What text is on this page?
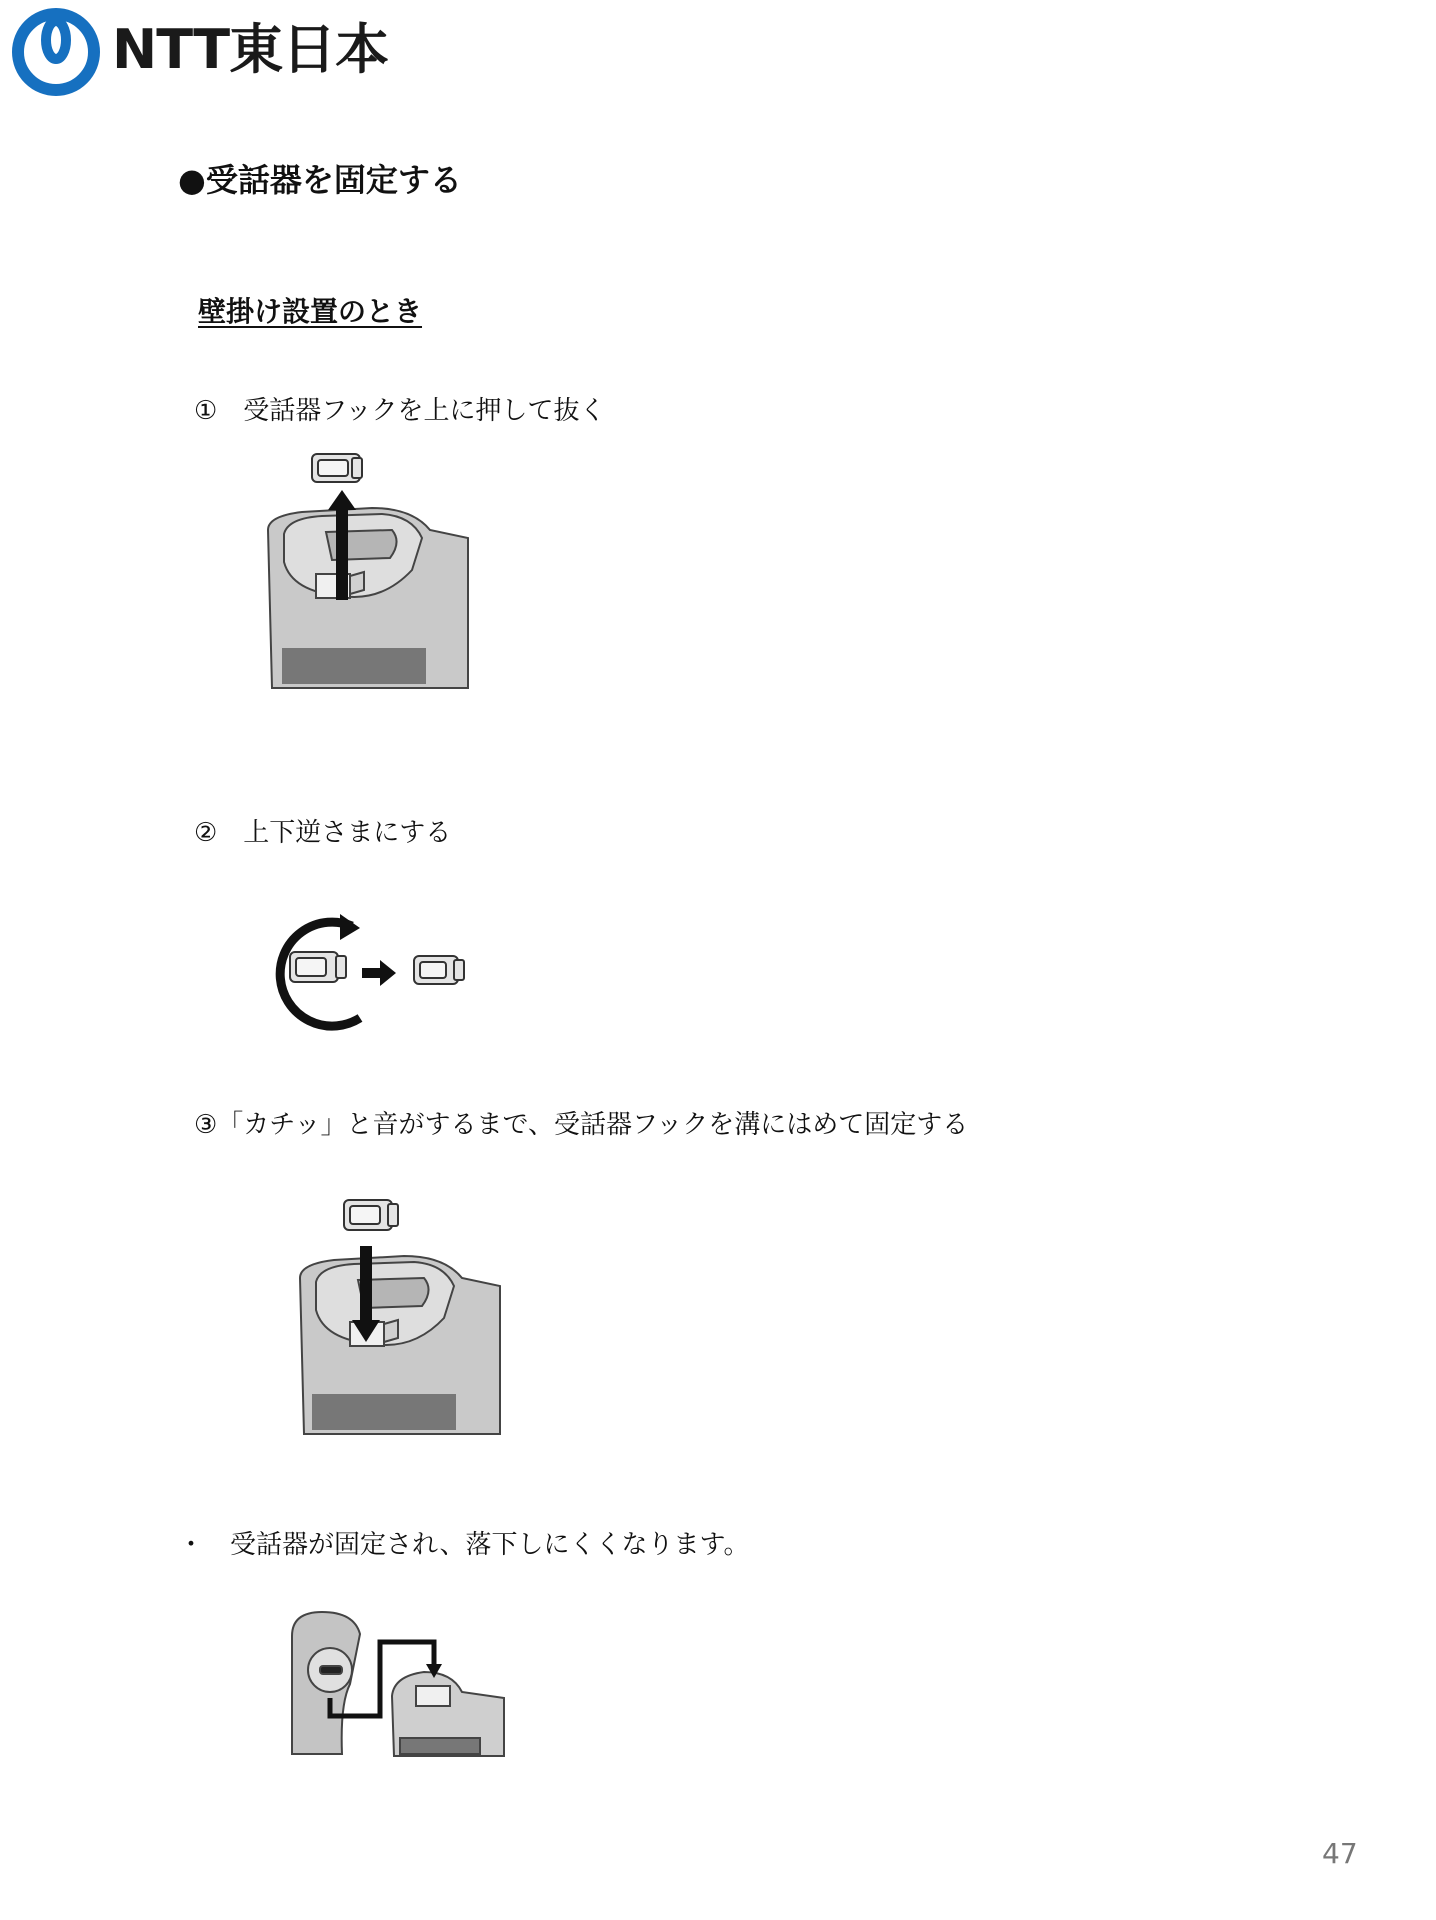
NTT東日本
●受話器を固定する
壁掛け設置のとき
①　受話器フックを上に押して抜く
②　上下逆さまにする
③「カチッ」と音がするまで、受話器フックを溝にはめて固定する
・　受話器が固定され、落下しにくくなります。
47
